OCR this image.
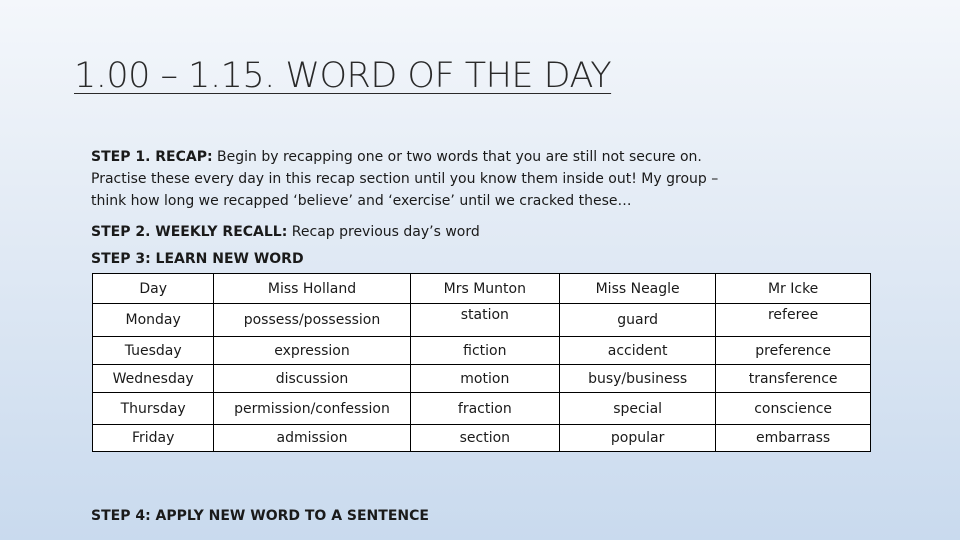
1.00 – 1.15. WORD OF THE DAY
STEP 1. RECAP: Begin by recapping one or two words that you are still not secure on. Practise these every day in this recap section until you know them inside out! My group – think how long we recapped ‘believe’ and ‘exercise’ until we cracked these…
STEP 2. WEEKLY RECALL: Recap previous day’s word
STEP 3: LEARN NEW WORD
Day	Miss Holland	Mrs Munton	Miss Neagle	Mr Icke
Monday	possess/possession	station	guard	referee
Tuesday	expression	fiction	accident	preference
Wednesday	discussion	motion	busy/business	transference
Thursday	permission/confession	fraction	special	conscience
Friday	admission	section	popular	embarrass
STEP 4: APPLY NEW WORD TO A SENTENCE
